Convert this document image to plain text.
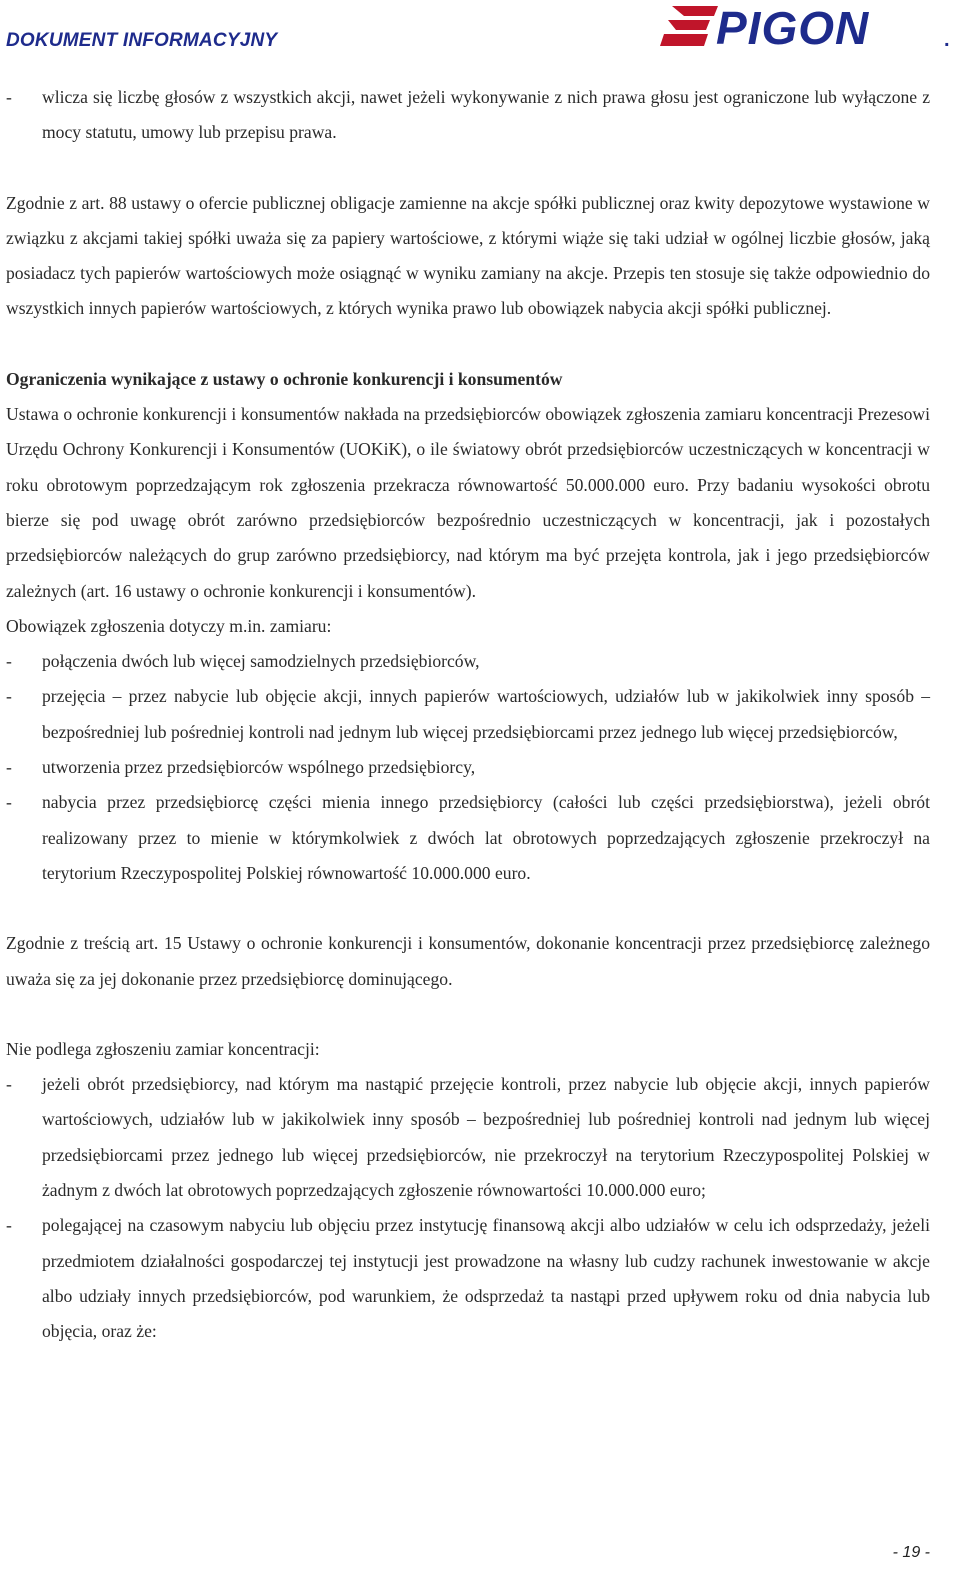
DOKUMENT INFORMACYJNY	PIGON	.
- wlicza się liczbę głosów z wszystkich akcji, nawet jeżeli wykonywanie z nich prawa głosu jest ograniczone lub wyłączone z mocy statutu, umowy lub przepisu prawa.

Zgodnie z art. 88 ustawy o ofercie publicznej obligacje zamienne na akcje spółki publicznej oraz kwity depozytowe wystawione w związku z akcjami takiej spółki uważa się za papiery wartościowe, z którymi wiąże się taki udział w ogólnej liczbie głosów, jaką posiadacz tych papierów wartościowych może osiągnąć w wyniku zamiany na akcje. Przepis ten stosuje się także odpowiednio do wszystkich innych papierów wartościowych, z których wynika prawo lub obowiązek nabycia akcji spółki publicznej.

Ograniczenia wynikające z ustawy o ochronie konkurencji i konsumentów

Ustawa o ochronie konkurencji i konsumentów nakłada na przedsiębiorców obowiązek zgłoszenia zamiaru koncentracji Prezesowi Urzędu Ochrony Konkurencji i Konsumentów (UOKiK), o ile światowy obrót przedsiębiorców uczestniczących w koncentracji w roku obrotowym poprzedzającym rok zgłoszenia przekracza równowartość 50.000.000 euro. Przy badaniu wysokości obrotu bierze się pod uwagę obrót zarówno przedsiębiorców bezpośrednio uczestniczących w koncentracji, jak i pozostałych przedsiębiorców należących do grup zarówno przedsiębiorcy, nad którym ma być przejęta kontrola, jak i jego przedsiębiorców zależnych (art. 16 ustawy o ochronie konkurencji i konsumentów).

Obowiązek zgłoszenia dotyczy m.in. zamiaru:

- połączenia dwóch lub więcej samodzielnych przedsiębiorców,
- przejęcia – przez nabycie lub objęcie akcji, innych papierów wartościowych, udziałów lub w jakikolwiek inny sposób – bezpośredniej lub pośredniej kontroli nad jednym lub więcej przedsiębiorcami przez jednego lub więcej przedsiębiorców,
- utworzenia przez przedsiębiorców wspólnego przedsiębiorcy,
- nabycia przez przedsiębiorcę części mienia innego przedsiębiorcy (całości lub części przedsiębiorstwa), jeżeli obrót realizowany przez to mienie w którymkolwiek z dwóch lat obrotowych poprzedzających zgłoszenie przekroczył na terytorium Rzeczypospolitej Polskiej równowartość 10.000.000 euro.

Zgodnie z treścią art. 15 Ustawy o ochronie konkurencji i konsumentów, dokonanie koncentracji przez przedsiębiorcę zależnego uważa się za jej dokonanie przez przedsiębiorcę dominującego.

Nie podlega zgłoszeniu zamiar koncentracji:

- jeżeli obrót przedsiębiorcy, nad którym ma nastąpić przejęcie kontroli, przez nabycie lub objęcie akcji, innych papierów wartościowych, udziałów lub w jakikolwiek inny sposób – bezpośredniej lub pośredniej kontroli nad jednym lub więcej przedsiębiorcami przez jednego lub więcej przedsiębiorców, nie przekroczył na terytorium Rzeczypospolitej Polskiej w żadnym z dwóch lat obrotowych poprzedzających zgłoszenie równowartości 10.000.000 euro;
- polegającej na czasowym nabyciu lub objęciu przez instytucję finansową akcji albo udziałów w celu ich odsprzedaży, jeżeli przedmiotem działalności gospodarczej tej instytucji jest prowadzone na własny lub cudzy rachunek inwestowanie w akcje albo udziały innych przedsiębiorców, pod warunkiem, że odsprzedaż ta nastąpi przed upływem roku od dnia nabycia lub objęcia, oraz że:
- 19 -
